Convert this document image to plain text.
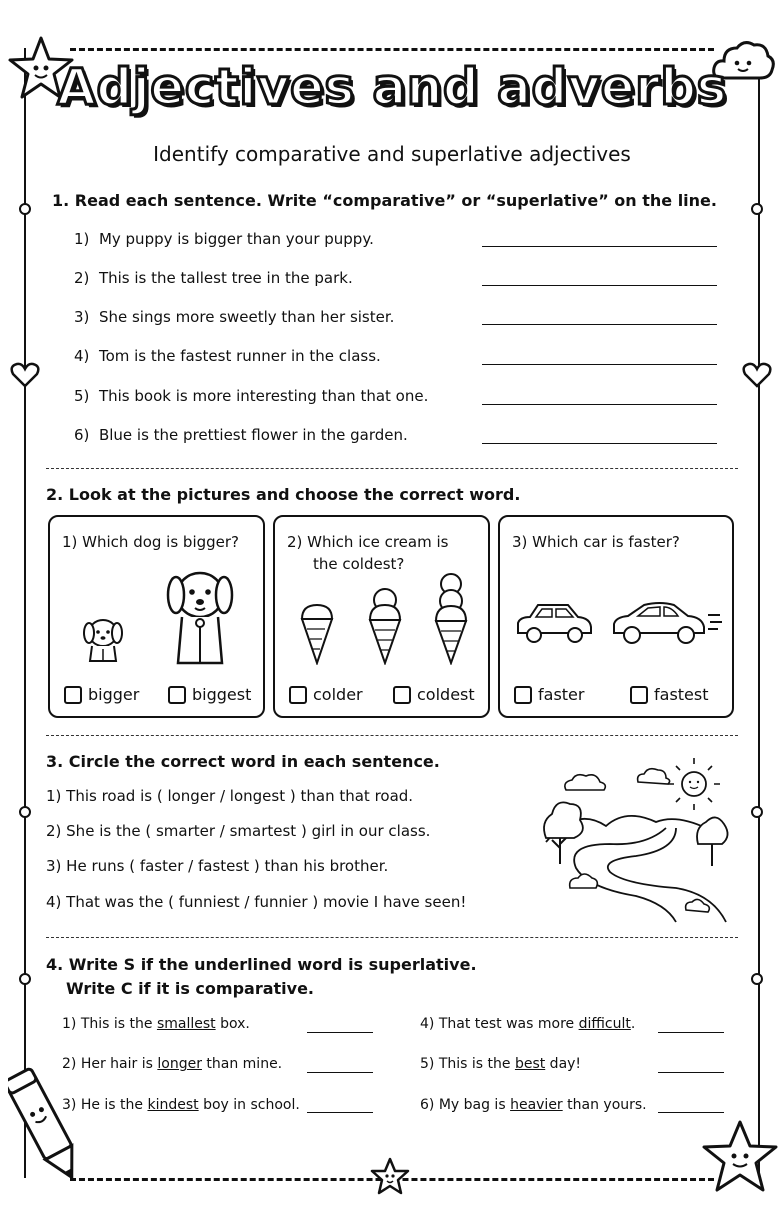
Adjectives and adverbs
Identify comparative and superlative adjectives
1. Read each sentence. Write “comparative” or “superlative” on the line.
1) My puppy is bigger than your puppy.
2) This is the tallest tree in the park.
3) She sings more sweetly than her sister.
4) Tom is the fastest runner in the class.
5) This book is more interesting than that one.
6) Blue is the prettiest flower in the garden.
2. Look at the pictures and choose the correct word.
1) Which dog is bigger?
bigger	biggest
2) Which ice cream is
the coldest?
colder	coldest
3) Which car is faster?
faster	fastest
3. Circle the correct word in each sentence.
1) This road is ( longer / longest ) than that road.
2) She is the ( smarter / smartest ) girl in our class.
3) He runs ( faster / fastest ) than his brother.
4) That was the ( funniest / funnier ) movie I have seen!
4. Write S if the underlined word is superlative.
Write C if it is comparative.
1) This is the smallest box.
2) Her hair is longer than mine.
3) He is the kindest boy in school.
4) That test was more difficult.
5) This is the best day!
6) My bag is heavier than yours.
